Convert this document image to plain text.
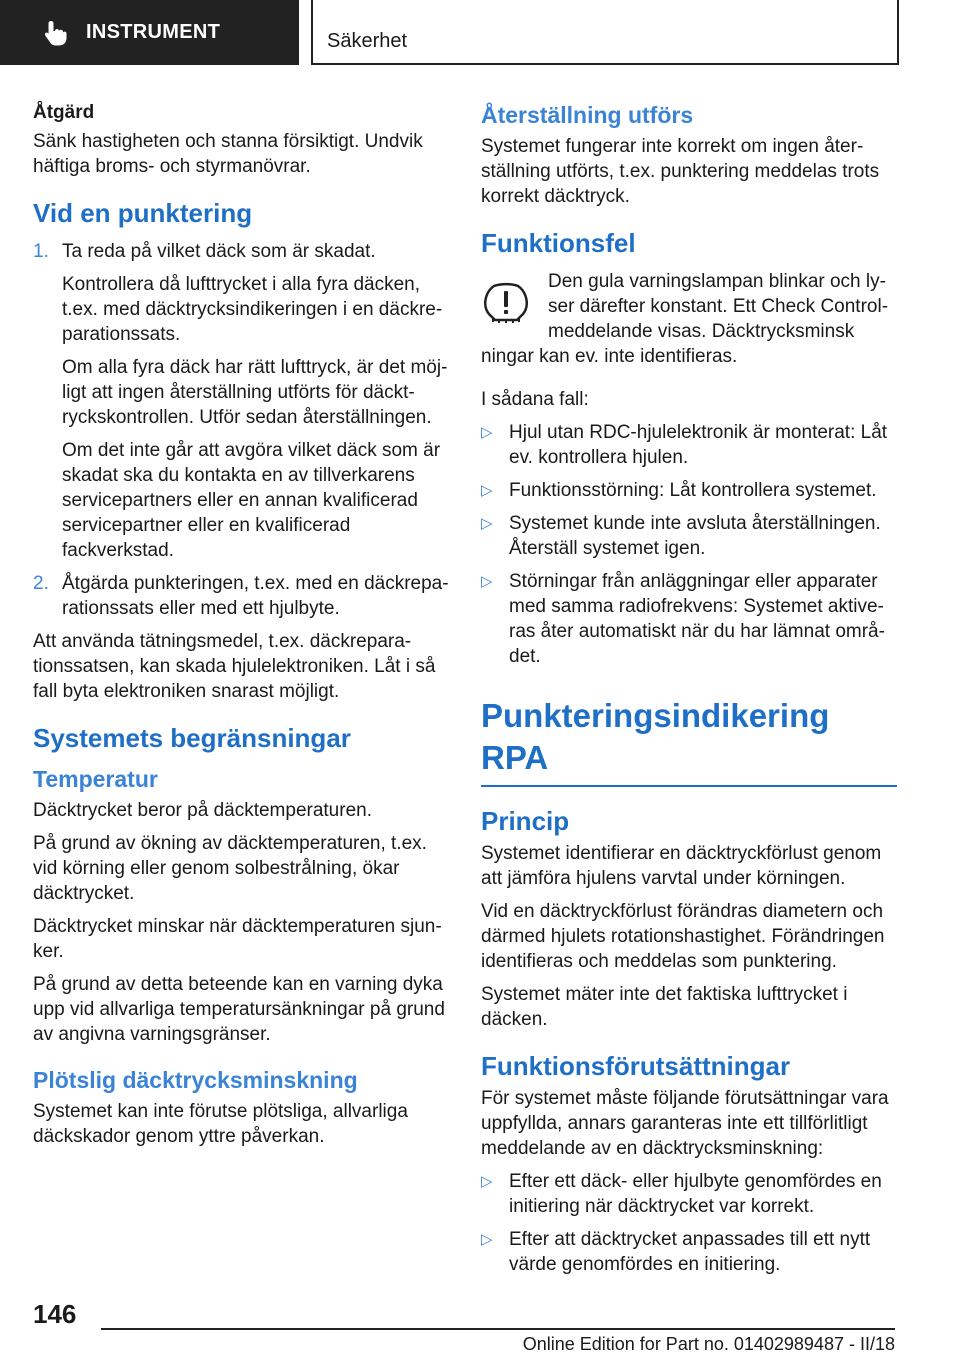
INSTRUMENT	Säkerhet
Åtgärd

Sänk hastigheten och stanna försiktigt. Undvik häftiga broms- och styrmanövrar.

Vid en punktering
1. Ta reda på vilket däck som är skadat.
Kontrollera då lufttrycket i alla fyra däcken, t.ex. med däcktrycksindikeringen i en däckreparationssats.
Om alla fyra däck har rätt lufttryck, är det möjligt att ingen återställning utförts för däcktryckskontrollen. Utför sedan återställningen.
Om det inte går att avgöra vilket däck som är skadat ska du kontakta en av tillverkarens servicepartners eller en annan kvalificerad servicepartner eller en kvalificerad fackverkstad.
2. Åtgärda punkteringen, t.ex. med en däckreparationssats eller med ett hjulbyte.

Att använda tätningsmedel, t.ex. däckreparationssatsen, kan skada hjulelektroniken. Låt i så fall byta elektroniken snarast möjligt.

Systemets begränsningar
Temperatur

Däcktrycket beror på däcktemperaturen.

På grund av ökning av däcktemperaturen, t.ex. vid körning eller genom solbestrålning, ökar däcktrycket.

Däcktrycket minskar när däcktemperaturen sjunker.

På grund av detta beteende kan en varning dyka upp vid allvarliga temperatursänkningar på grund av angivna varningsgränser.

Plötslig däcktrycksminskning

Systemet kan inte förutse plötsliga, allvarliga däckskador genom yttre påverkan.

Återställning utförs

Systemet fungerar inte korrekt om ingen återställning utförts, t.ex. punktering meddelas trots korrekt däcktryck.

Funktionsfel
Den gula varningslampan blinkar och lyser därefter konstant. Ett Check Control-meddelande visas. Däcktrycksminsk

ningar kan ev. inte identifieras.

I sådana fall:

▷ Hjul utan RDC-hjulelektronik är monterat: Låt ev. kontrollera hjulen.
▷ Funktionsstörning: Låt kontrollera systemet.
▷ Systemet kunde inte avsluta återställningen. Återställ systemet igen.
▷ Störningar från anläggningar eller apparater med samma radiofrekvens: Systemet aktiveras åter automatiskt när du har lämnat området.
Punkteringsindikering RPA
Princip

Systemet identifierar en däcktryckförlust genom att jämföra hjulens varvtal under körningen.

Vid en däcktryckförlust förändras diametern och därmed hjulets rotationshastighet. Förändringen identifieras och meddelas som punktering.

Systemet mäter inte det faktiska lufttrycket i däcken.

Funktionsförutsättningar

För systemet måste följande förutsättningar vara uppfyllda, annars garanteras inte ett tillförlitligt meddelande av en däcktrycksminskning:

▷ Efter ett däck- eller hjulbyte genomfördes en initiering när däcktrycket var korrekt.
▷ Efter att däcktrycket anpassades till ett nytt värde genomfördes en initiering.
146
Online Edition for Part no. 01402989487 - II/18
